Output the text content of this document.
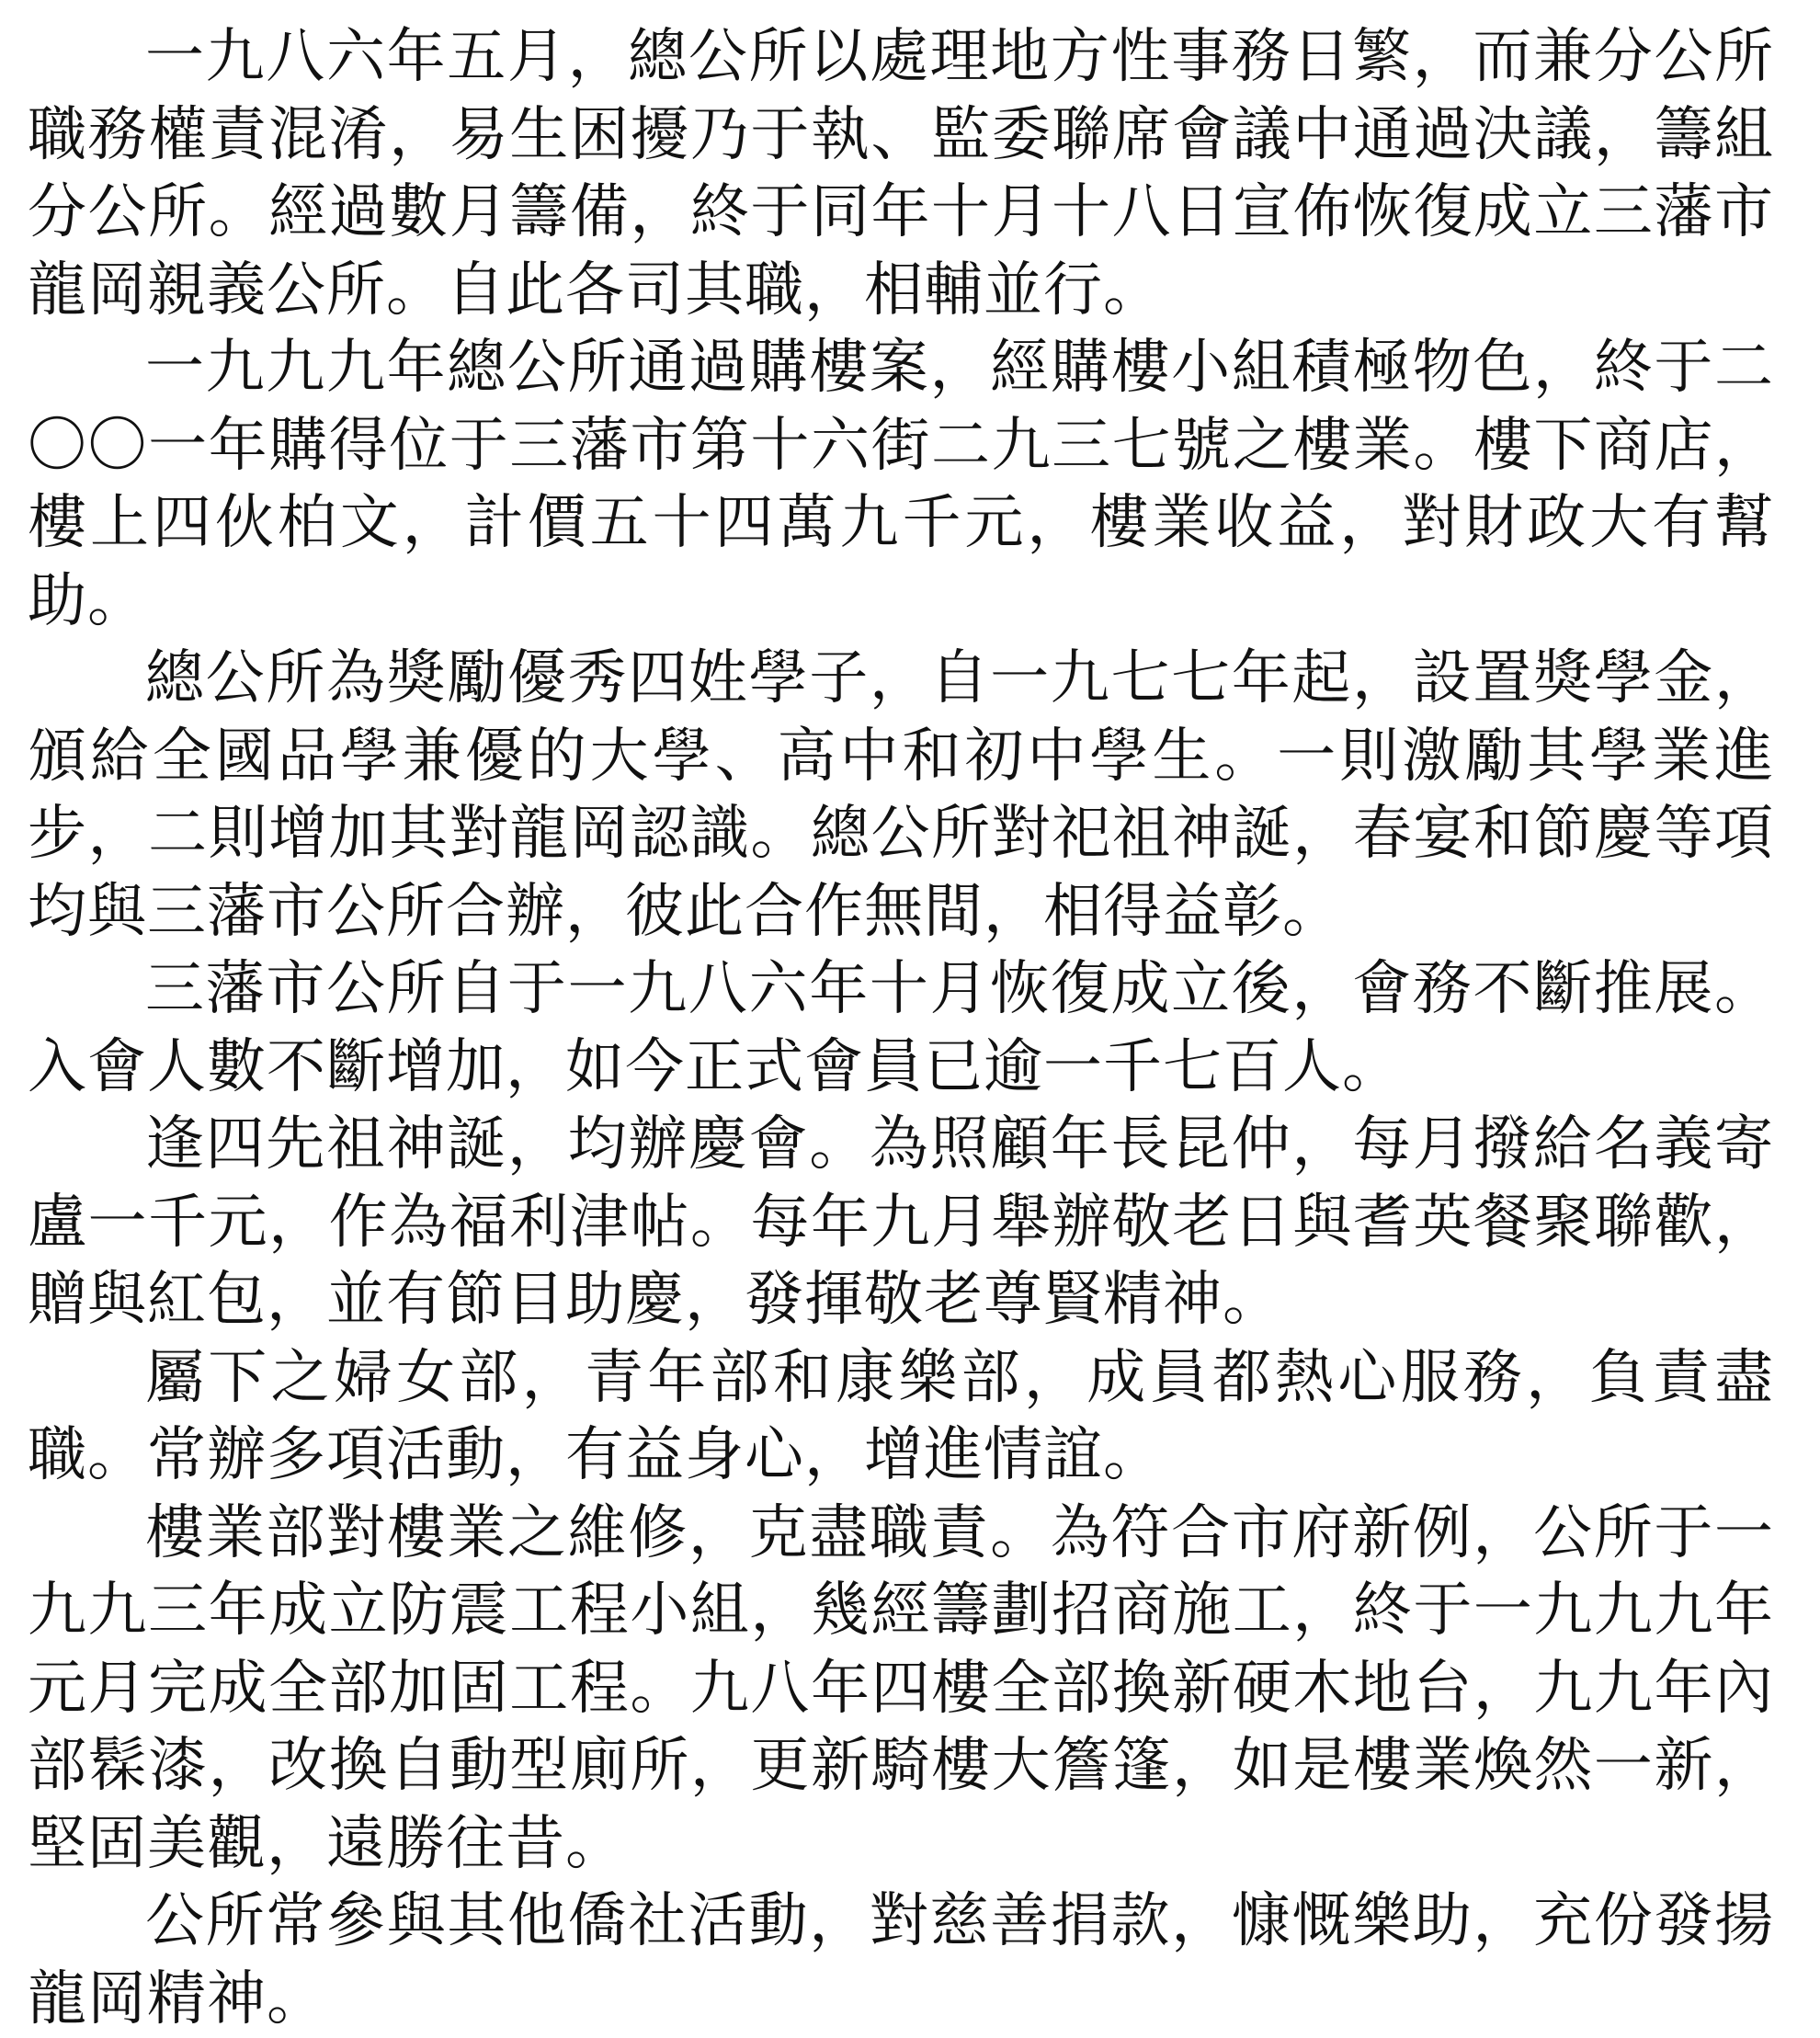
一九八六年五月，總公所以處理地方性事務日繁，而兼分公所職務權責混淆，易生困擾乃于執、監委聯席會議中通過決議，籌組分公所。經過數月籌備，終于同年十月十八日宣佈恢復成立三藩市龍岡親義公所。自此各司其職，相輔並行。

一九九九年總公所通過購樓案，經購樓小組積極物色，終于二〇〇一年購得位于三藩市第十六街二九三七號之樓業。樓下商店，樓上四伙柏文，計價五十四萬九千元，樓業收益，對財政大有幫助。

總公所為獎勵優秀四姓學子，自一九七七年起，設置獎學金，頒給全國品學兼優的大學、高中和初中學生。一則激勵其學業進步，二則增加其對龍岡認識。總公所對祀祖神誕，春宴和節慶等項均與三藩市公所合辦，彼此合作無間，相得益彰。

三藩市公所自于一九八六年十月恢復成立後，會務不斷推展。入會人數不斷增加，如今正式會員已逾一千七百人。

逢四先祖神誕，均辦慶會。為照顧年長昆仲，每月撥給名義寄盧一千元，作為福利津帖。每年九月舉辦敬老日與耆英餐聚聯歡，贈與紅包，並有節目助慶，發揮敬老尊賢精神。

屬下之婦女部，青年部和康樂部，成員都熱心服務，負責盡職。常辦多項活動，有益身心，增進情誼。

樓業部對樓業之維修，克盡職責。為符合市府新例，公所于一九九三年成立防震工程小組，幾經籌劃招商施工，終于一九九九年元月完成全部加固工程。九八年四樓全部換新硬木地台，九九年內部髹漆，改換自動型廁所，更新騎樓大簷篷，如是樓業煥然一新，堅固美觀，遠勝往昔。

公所常參與其他僑社活動，對慈善捐款，慷慨樂助，充份發揚龍岡精神。
